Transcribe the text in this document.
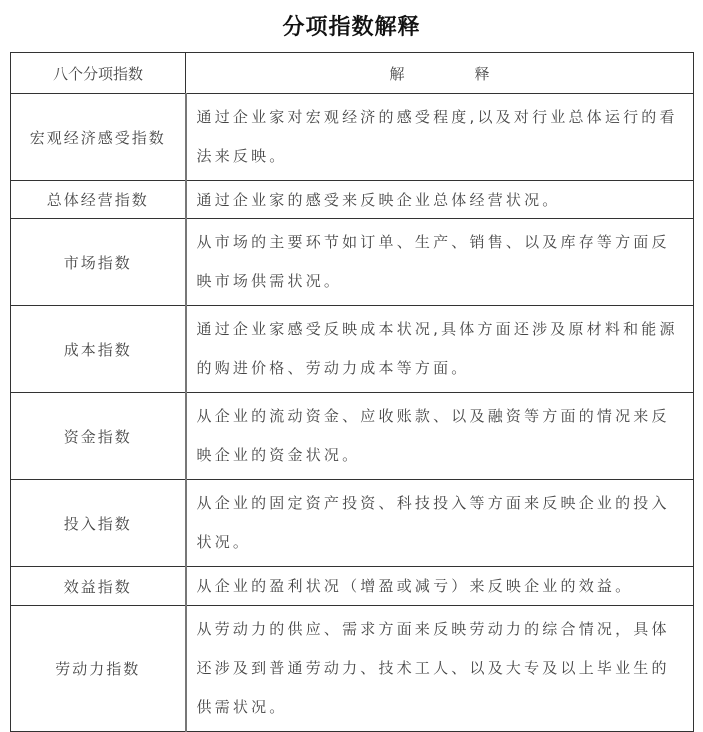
分项指数解释
八个分项指数	解 释
宏观经济感受指数	通过企业家对宏观经济的感受程度,以及对行业总体运行的看法来反映。
总体经营指数	通过企业家的感受来反映企业总体经营状况。
市场指数	从市场的主要环节如订单、生产、销售、以及库存等方面反映市场供需状况。
成本指数	通过企业家感受反映成本状况,具体方面还涉及原材料和能源的购进价格、劳动力成本等方面。
资金指数	从企业的流动资金、应收账款、以及融资等方面的情况来反映企业的资金状况。
投入指数	从企业的固定资产投资、科技投入等方面来反映企业的投入状况。
效益指数	从企业的盈利状况（增盈或减亏）来反映企业的效益。
劳动力指数	从劳动力的供应、需求方面来反映劳动力的综合情况，具体还涉及到普通劳动力、技术工人、以及大专及以上毕业生的供需状况。
